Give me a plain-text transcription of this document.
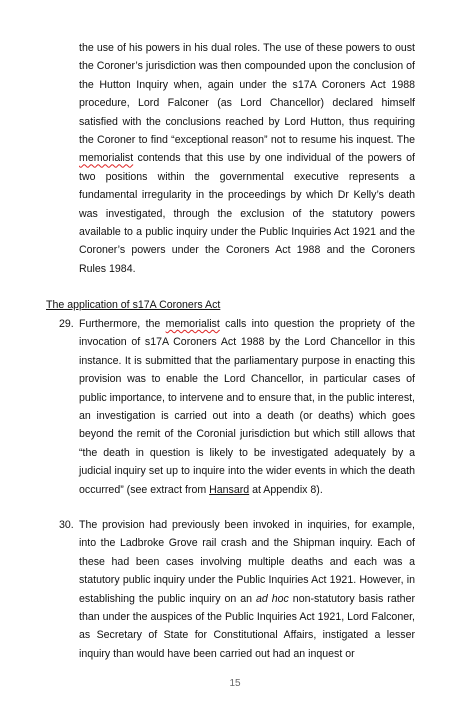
the use of his powers in his dual roles. The use of these powers to oust the Coroner’s jurisdiction was then compounded upon the conclusion of the Hutton Inquiry when, again under the s17A Coroners Act 1988 procedure, Lord Falconer (as Lord Chancellor) declared himself satisfied with the conclusions reached by Lord Hutton, thus requiring the Coroner to find “exceptional reason” not to resume his inquest. The memorialist contends that this use by one individual of the powers of two positions within the governmental executive represents a fundamental irregularity in the proceedings by which Dr Kelly’s death was investigated, through the exclusion of the statutory powers available to a public inquiry under the Public Inquiries Act 1921 and the Coroner’s powers under the Coroners Act 1988 and the Coroners Rules 1984.

The application of s17A Coroners Act

29. Furthermore, the memorialist calls into question the propriety of the invocation of s17A Coroners Act 1988 by the Lord Chancellor in this instance. It is submitted that the parliamentary purpose in enacting this provision was to enable the Lord Chancellor, in particular cases of public importance, to intervene and to ensure that, in the public interest, an investigation is carried out into a death (or deaths) which goes beyond the remit of the Coronial jurisdiction but which still allows that “the death in question is likely to be investigated adequately by a judicial inquiry set up to inquire into the wider events in which the death occurred” (see extract from Hansard at Appendix 8).

30. The provision had previously been invoked in inquiries, for example, into the Ladbroke Grove rail crash and the Shipman inquiry. Each of these had been cases involving multiple deaths and each was a statutory public inquiry under the Public Inquiries Act 1921. However, in establishing the public inquiry on an ad hoc non-statutory basis rather than under the auspices of the Public Inquiries Act 1921, Lord Falconer, as Secretary of State for Constitutional Affairs, instigated a lesser inquiry than would have been carried out had an inquest or

15
